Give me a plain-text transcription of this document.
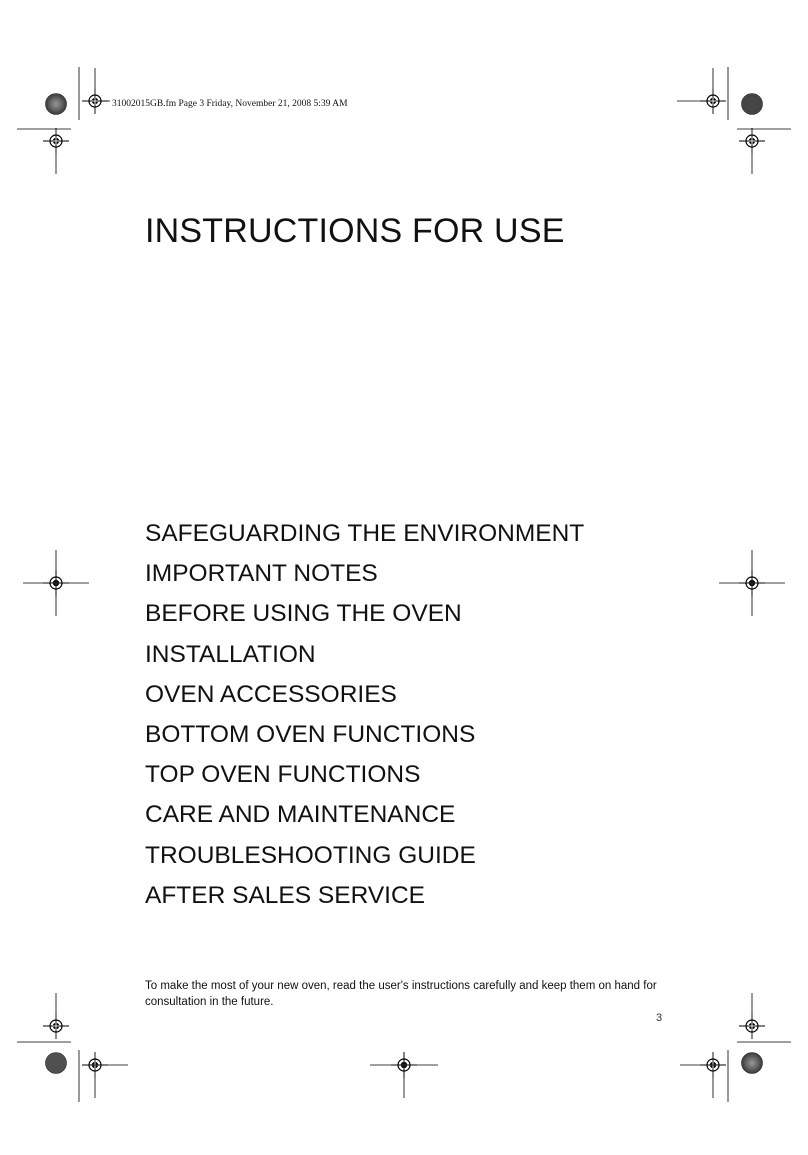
31002015GB.fm Page 3 Friday, November 21, 2008 5:39 AM
INSTRUCTIONS FOR USE
SAFEGUARDING THE ENVIRONMENT
IMPORTANT NOTES
BEFORE USING THE OVEN
INSTALLATION
OVEN ACCESSORIES
BOTTOM OVEN FUNCTIONS
TOP OVEN FUNCTIONS
CARE AND MAINTENANCE
TROUBLESHOOTING GUIDE
AFTER SALES SERVICE

To make the most of your new oven, read the user's instructions carefully and keep them on hand for consultation in the future.

3
